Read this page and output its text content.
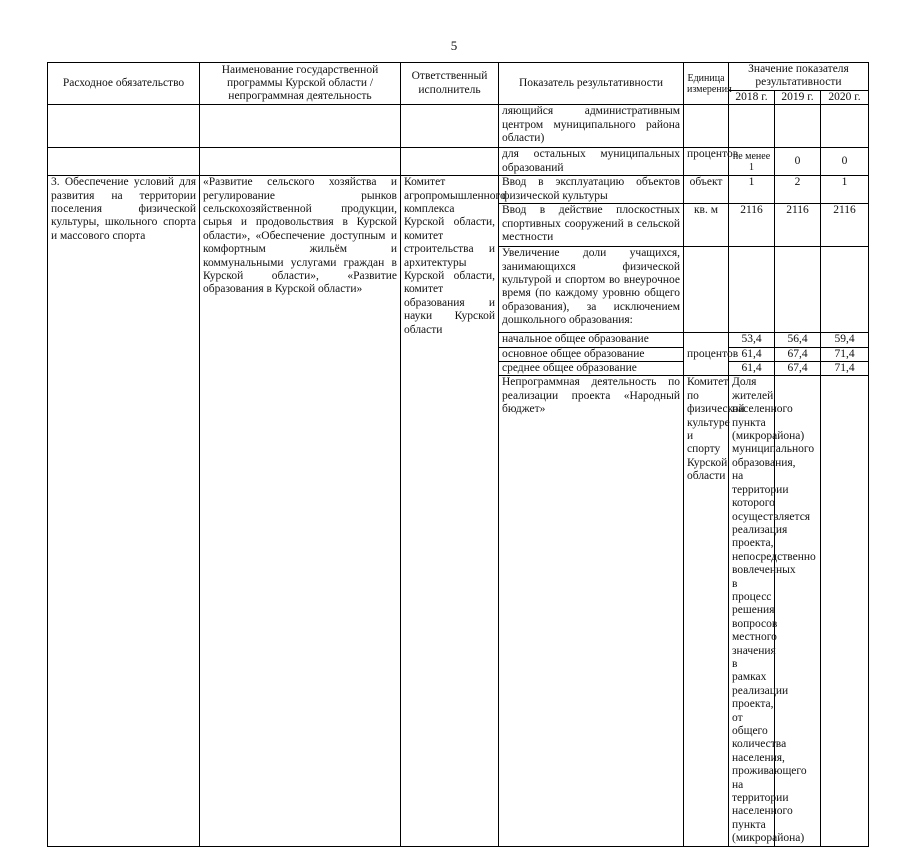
5
Расходное обязательство	Наименование государственной программы Курской области / непрограммная деятельность	Ответственный исполнитель	Показатель результативности	Единица измерения	Значение показателя результативности			
					2018 г.	2019 г.	2020 г.	
			ляющийся административным центром муниципального района области)					
			для остальных муниципальных образований	процентов	не менее 1	0	0	
3. Обеспечение условий для развития на территории поселения физической культуры, школьного спорта и массового спорта	«Развитие сельского хозяйства и регулирование рынков сельскохозяйственной продукции, сырья и продовольствия в Курской области», «Обеспечение доступным и комфортным жильём и коммунальными услугами граждан в Курской области», «Развитие образования в Курской области»	Комитет агропромышленного комплекса Курской области, комитет строительства и архитектуры Курской области, комитет образования и науки Курской области	Ввод в эксплуатацию объектов физической культуры	объект	1	2	1	
			Ввод в действие плоскостных спортивных сооружений в сельской местности	кв. м	2116	2116	2116	
			Увеличение доли учащихся, занимающихся физической культурой и спортом во внеурочное время (по каждому уровню общего образования), за исключением дошкольного образования:					
			начальное общее образование	процентов	53,4	56,4	59,4	
			основное общее образование		61,4	67,4	71,4	
			среднее общее образование		61,4	67,4	71,4	
			Непрограммная деятельность по реализации проекта «Народный бюджет»	Комитет по физической культуре и спорту Курской области	Доля жителей населенного пункта (микрорайона) муниципального образования, на территории которого осуществляется реализация проекта, непосредственно вовлеченных в процесс решения вопросов местного значения в рамках реализации проекта, от общего количества населения, проживающего на территории населенного пункта (микрорайона)				
